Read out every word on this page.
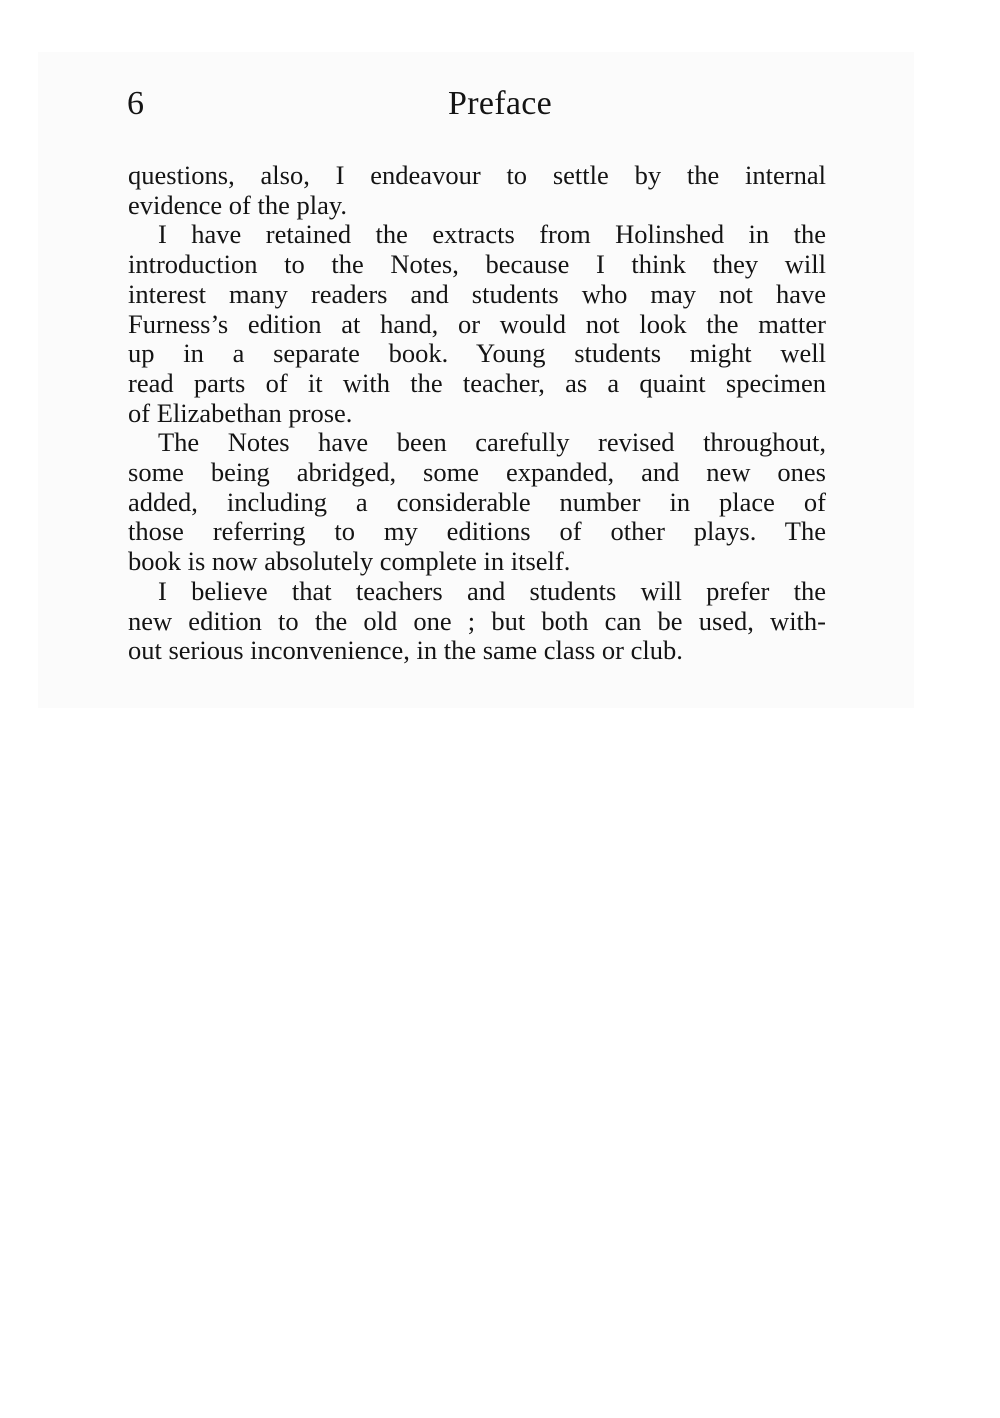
6	Preface

questions, also, I endeavour to settle by the internal
evidence of the play.

I have retained the extracts from Holinshed in the
introduction to the Notes, because I think they will
interest many readers and students who may not have
Furness’s edition at hand, or would not look the matter
up in a separate book. Young students might well
read parts of it with the teacher, as a quaint specimen
of Elizabethan prose.

The Notes have been carefully revised throughout,
some being abridged, some expanded, and new ones
added, including a considerable number in place of
those referring to my editions of other plays. The
book is now absolutely complete in itself.

I believe that teachers and students will prefer the
new edition to the old one ; but both can be used, with-
out serious inconvenience, in the same class or club.
